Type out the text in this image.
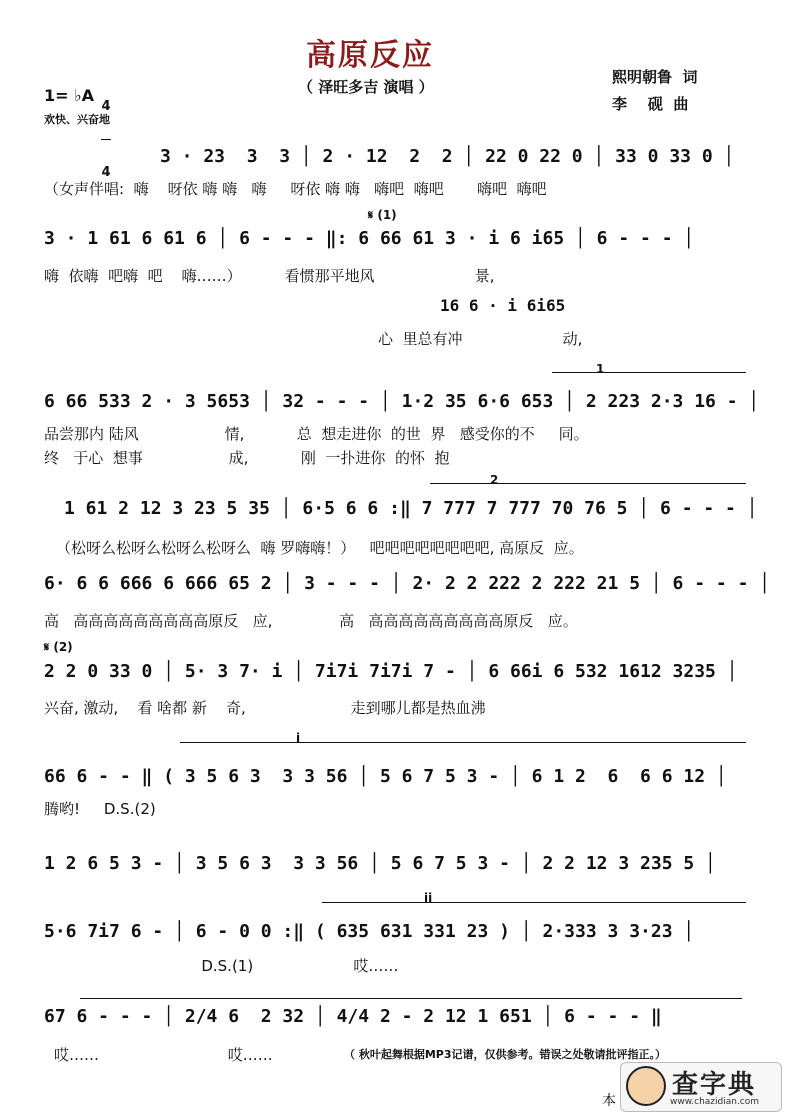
高原反应
（ 泽旺多吉 演唱 ）
1= ♭A

4

4

欢快、兴奋地
熙明朝鲁  词
李    砚  曲
3 · 23  3  3 │ 2 · 12  2  2 │ 22 0 22 0 │ 33 0 33 0 │
（女声伴唱:  嗨    呀依 嗨 嗨   嗨     呀依 嗨 嗨   嗨吧  嗨吧       嗨吧  嗨吧
𝄋 (1)
3 · 1 61 6 61 6 │ 6 - - - ‖: 6 66 61 3 · i 6 i65 │ 6 - - - │
嗨  依嗨  吧嗨  吧    嗨……）         看惯那平地风                     景,
16 6 · i 6i65
心  里总有冲                     动,
1
6 66 533 2 · 3 5653 │ 32 - - - │ 1·2 35 6·6 653 │ 2 223 2·3 16 - │
品尝那内 陆风                  情,           总  想走进你  的世  界   感受你的不     同。
终   于心  想事                  成,           刚  一扑进你  的怀  抱
2
1 61 2 12 3 23 5 35 │ 6·5 6 6 :‖ 7 777 7 777 70 76 5 │ 6 - - - │
（松呀么松呀么松呀么松呀么  嗨 罗嗨嗨！）   吧吧吧吧吧吧吧吧, 高原反  应。
6· 6 6 666 6 666 65 2 │ 3 - - - │ 2· 2 2 222 2 222 21 5 │ 6 - - - │
高   高高高高高高高高高原反   应,              高   高高高高高高高高高原反   应。
𝄋 (2)
2 2 0 33 0 │ 5· 3 7· i │ 7i7i 7i7i 7 - │ 6 66i 6 532 1612 3235 │
兴奋, 激动,    看 啥都 新    奇,                      走到哪儿都是热血沸
i
66 6 - - ‖ ( 3 5 6 3  3 3 56 │ 5 6 7 5 3 - │ 6 1 2  6  6 6 12 │
腾哟!     D.S.(2)
1 2 6 5 3 - │ 3 5 6 3  3 3 56 │ 5 6 7 5 3 - │ 2 2 12 3 235 5 │
ii
5·6 7i7 6 - │ 6 - 0 0 :‖ ( 635 631 331 23 ) │ 2·333 3 3·23 │
D.S.(1)                     哎……
67 6 - - - │ 2/4 6  2 32 │ 4/4 2 - 2 12 1 651 │ 6 - - - ‖
哎……                           哎……	（ 秋叶起舞根据MP3记谱，仅供参考。错误之处敬请批评指正。）
本
查字典
www.chazidian.com
